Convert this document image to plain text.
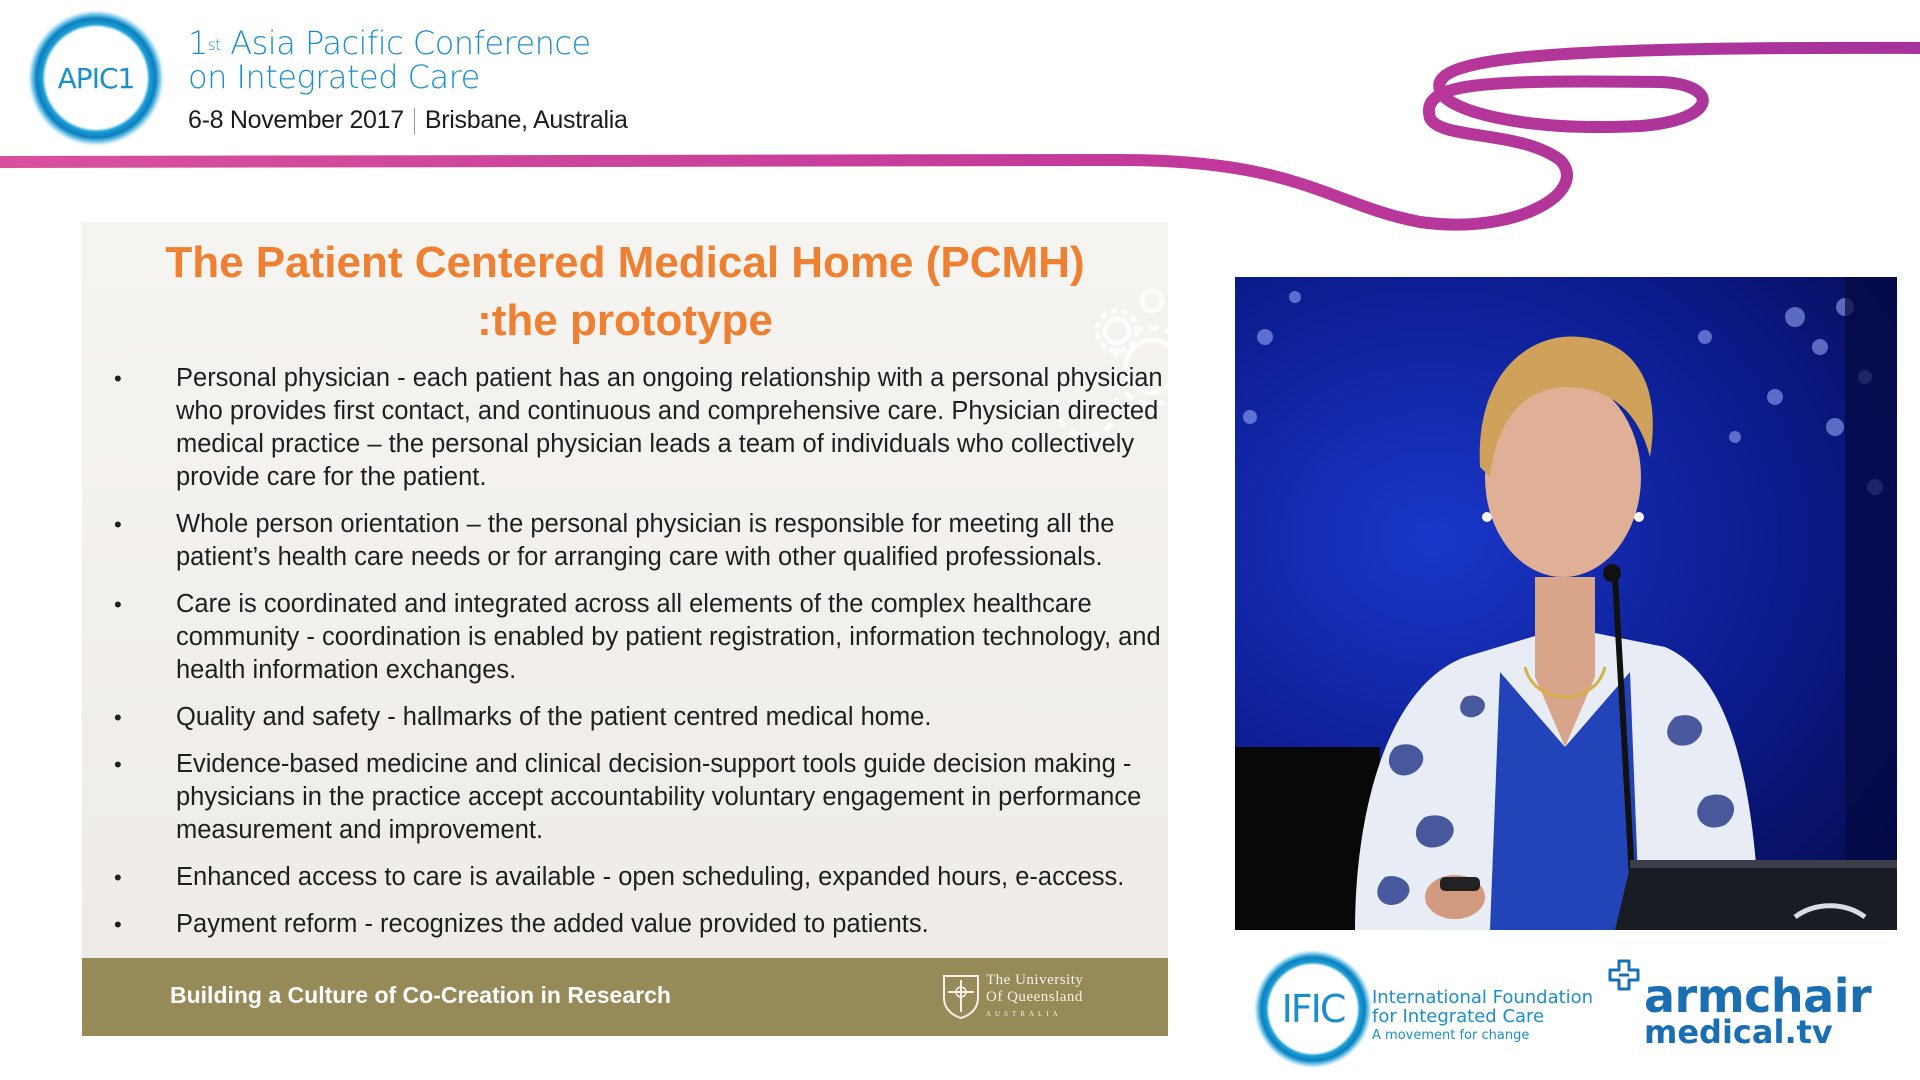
APIC1
1st Asia Pacific Conference
on Integrated Care
6-8 November 2017 Brisbane, Australia
The Patient Centered Medical Home (PCMH)
:the prototype
• Personal physician - each patient has an ongoing relationship with a personal physician who provides first contact, and continuous and comprehensive care. Physician directed medical practice – the personal physician leads a team of individuals who collectively provide care for the patient.
• Whole person orientation – the personal physician is responsible for meeting all the patient’s health care needs or for arranging care with other qualified professionals.
• Care is coordinated and integrated across all elements of the complex healthcare community - coordination is enabled by patient registration, information technology, and health information exchanges.
• Quality and safety - hallmarks of the patient centred medical home.
• Evidence-based medicine and clinical decision-support tools guide decision making - physicians in the practice accept accountability voluntary engagement in performance measurement and improvement.
• Enhanced access to care is available - open scheduling, expanded hours, e-access.
• Payment reform - recognizes the added value provided to patients.
Building a Culture of Co-Creation in Research
The University
Of Queensland
AUSTRALIA	IFIC	International Foundation
for Integrated Care
A movement for change
armchair
medical.tv
